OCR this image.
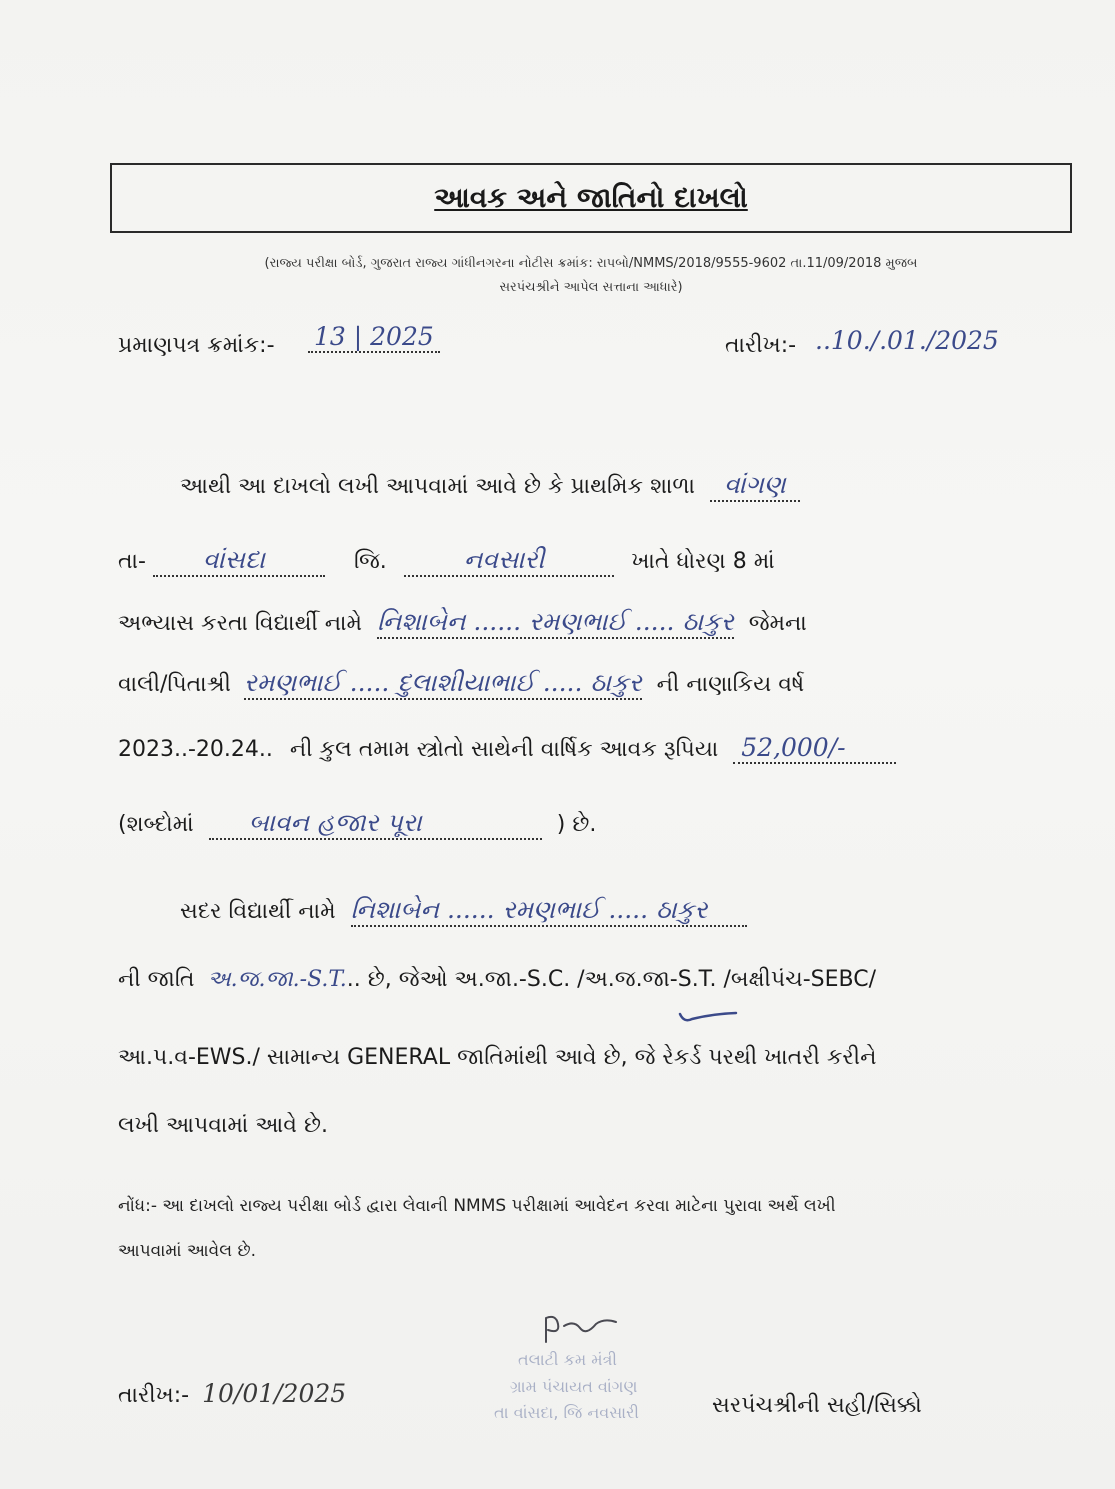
આવક અને જાતિનો દાખલો
(રાજ્ય પરીક્ષા બોર્ડ, ગુજરાત રાજ્ય ગાંધીનગરના નોટીસ ક્રમાંક: રાપબો/NMMS/2018/9555-9602 તા.11/09/2018 મુજબ
સરપંચશ્રીને આપેલ સત્તાના આધારે)
પ્રમાણપત્ર ક્રમાંક:- 13 | 2025	તારીખ:- ..10./.01./2025
આથી આ દાખલો લખી આપવામાં આવે છે કે પ્રાથમિક શાળા વાંગણ
તા- વાંસદા	જિ.	નવસારી	ખાતે ધોરણ 8 માં
અભ્યાસ કરતા વિદ્યાર્થી નામે નિશાબેન ...... રમણભાઈ ..... ઠાકુર જેમના
વાલી/પિતાશ્રી રમણભાઈ ..... દુલાશીયાભાઈ ..... ઠાકુર ની નાણાકિય વર્ષ
2023..-20.24.. ની કુલ તમામ સ્ત્રોતો સાથેની વાર્ષિક આવક રૂપિયા 52,000/-
(શબ્દોમાં બાવન હજાર પૂરા	) છે.
સદર વિદ્યાર્થી નામે નિશાબેન ...... રમણભાઈ ..... ઠાકુર
ની જાતિ અ.જ.જા.-S.T... છે, જેઓ અ.જા.-S.C. /અ.જ.જા-S.T. /બક્ષીપંચ-SEBC/
આ.પ.વ-EWS./ સામાન્ય GENERAL જાતિમાંથી આવે છે, જે રેકર્ડ પરથી ખાતરી કરીને
લખી આપવામાં આવે છે.
નોંધ:- આ દાખલો રાજ્ય પરીક્ષા બોર્ડ દ્વારા લેવાની NMMS પરીક્ષામાં આવેદન કરવા માટેના પુરાવા અર્થે લખી
આપવામાં આવેલ છે.
તલાટી કમ મંત્રી
ગ્રામ પંચાયત વાંગણ
તા વાંસદા, જિ નવસારી
તારીખ:- 10/01/2025	સરપંચશ્રીની સહી/સિક્કો
